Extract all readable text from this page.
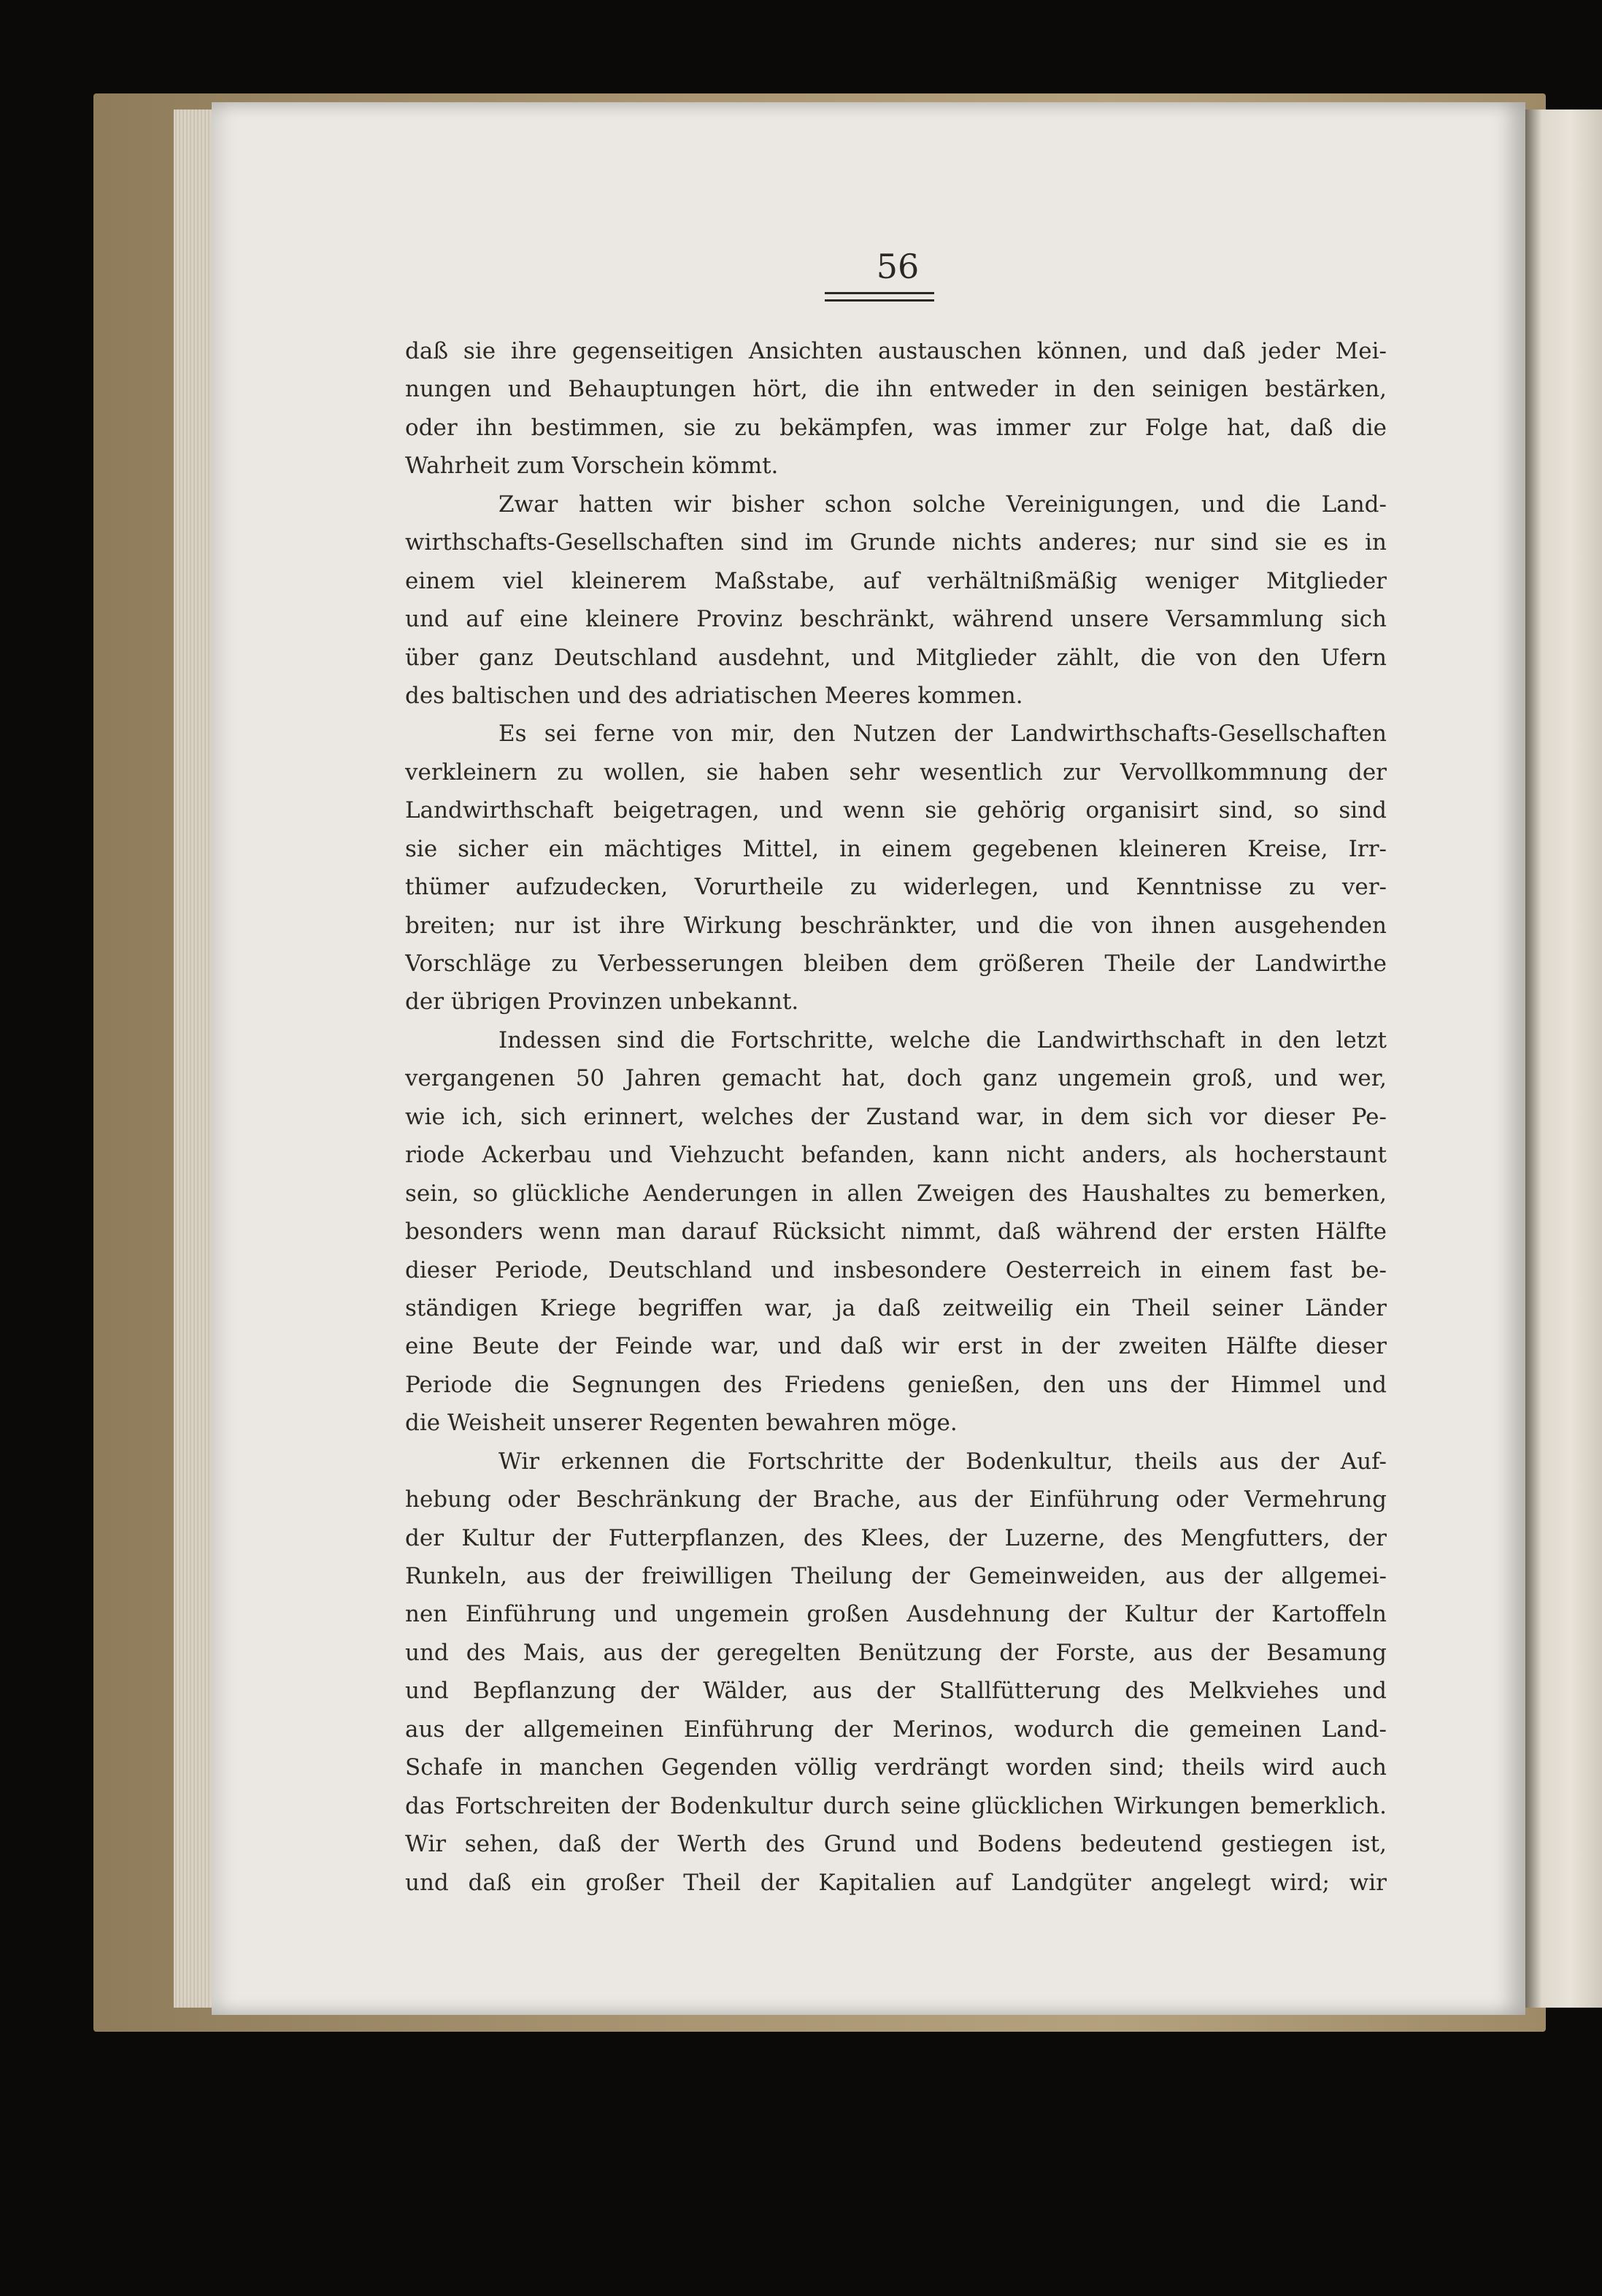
56
daß sie ihre gegenseitigen Ansichten austauschen können, und daß jeder Mei-
nungen und Behauptungen hört, die ihn entweder in den seinigen bestärken,
oder ihn bestimmen, sie zu bekämpfen, was immer zur Folge hat, daß die
Wahrheit zum Vorschein kömmt.
Zwar hatten wir bisher schon solche Vereinigungen, und die Land-
wirthschafts-Gesellschaften sind im Grunde nichts anderes; nur sind sie es in
einem viel kleinerem Maßstabe, auf verhältnißmäßig weniger Mitglieder
und auf eine kleinere Provinz beschränkt, während unsere Versammlung sich
über ganz Deutschland ausdehnt, und Mitglieder zählt, die von den Ufern
des baltischen und des adriatischen Meeres kommen.
Es sei ferne von mir, den Nutzen der Landwirthschafts-Gesellschaften
verkleinern zu wollen, sie haben sehr wesentlich zur Vervollkommnung der
Landwirthschaft beigetragen, und wenn sie gehörig organisirt sind, so sind
sie sicher ein mächtiges Mittel, in einem gegebenen kleineren Kreise, Irr-
thümer aufzudecken, Vorurtheile zu widerlegen, und Kenntnisse zu ver-
breiten; nur ist ihre Wirkung beschränkter, und die von ihnen ausgehenden
Vorschläge zu Verbesserungen bleiben dem größeren Theile der Landwirthe
der übrigen Provinzen unbekannt.
Indessen sind die Fortschritte, welche die Landwirthschaft in den letzt
vergangenen 50 Jahren gemacht hat, doch ganz ungemein groß, und wer,
wie ich, sich erinnert, welches der Zustand war, in dem sich vor dieser Pe-
riode Ackerbau und Viehzucht befanden, kann nicht anders, als hocherstaunt
sein, so glückliche Aenderungen in allen Zweigen des Haushaltes zu bemerken,
besonders wenn man darauf Rücksicht nimmt, daß während der ersten Hälfte
dieser Periode, Deutschland und insbesondere Oesterreich in einem fast be-
ständigen Kriege begriffen war, ja daß zeitweilig ein Theil seiner Länder
eine Beute der Feinde war, und daß wir erst in der zweiten Hälfte dieser
Periode die Segnungen des Friedens genießen, den uns der Himmel und
die Weisheit unserer Regenten bewahren möge.
Wir erkennen die Fortschritte der Bodenkultur, theils aus der Auf-
hebung oder Beschränkung der Brache, aus der Einführung oder Vermehrung
der Kultur der Futterpflanzen, des Klees, der Luzerne, des Mengfutters, der
Runkeln, aus der freiwilligen Theilung der Gemeinweiden, aus der allgemei-
nen Einführung und ungemein großen Ausdehnung der Kultur der Kartoffeln
und des Mais, aus der geregelten Benützung der Forste, aus der Besamung
und Bepflanzung der Wälder, aus der Stallfütterung des Melkviehes und
aus der allgemeinen Einführung der Merinos, wodurch die gemeinen Land-
Schafe in manchen Gegenden völlig verdrängt worden sind; theils wird auch
das Fortschreiten der Bodenkultur durch seine glücklichen Wirkungen bemerklich.
Wir sehen, daß der Werth des Grund und Bodens bedeutend gestiegen ist,
und daß ein großer Theil der Kapitalien auf Landgüter angelegt wird; wir
